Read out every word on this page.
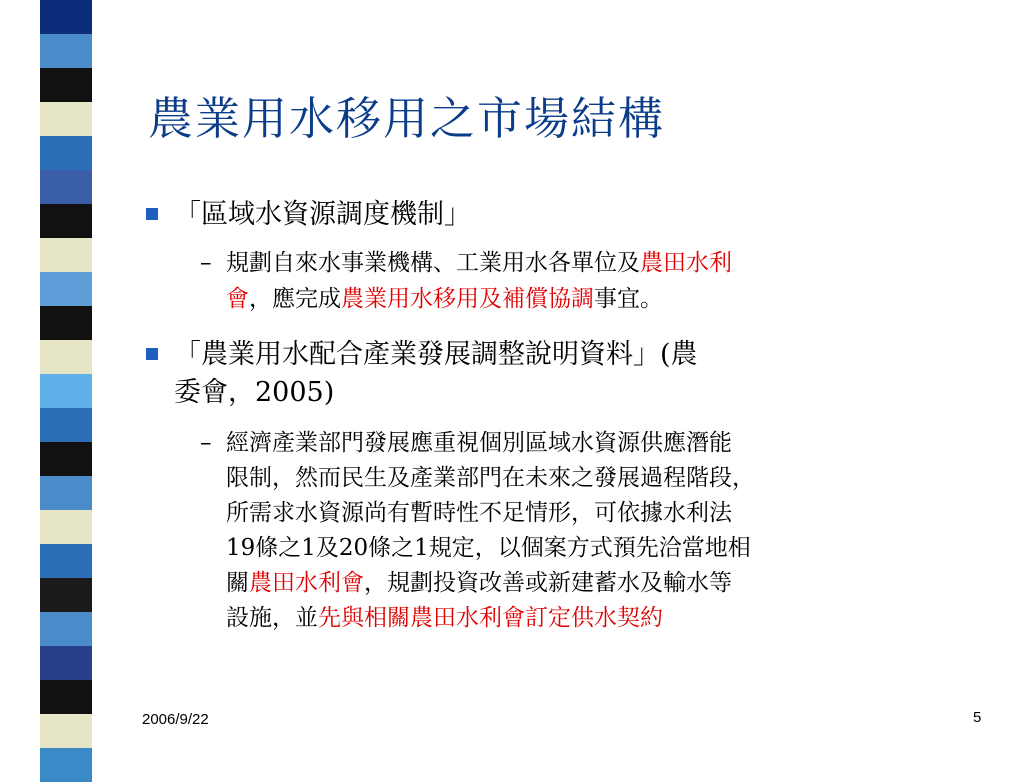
農業用水移用之市場結構
「區域水資源調度機制」
– 規劃自來水事業機構、工業用水各單位及農田水利
會，應完成農業用水移用及補償協調事宜。
「農業用水配合產業發展調整說明資料」(農
委會，2005)
– 經濟產業部門發展應重視個別區域水資源供應潛能
限制，然而民生及產業部門在未來之發展過程階段，
所需求水資源尚有暫時性不足情形，可依據水利法
19條之1及20條之1規定，以個案方式預先洽當地相
關農田水利會，規劃投資改善或新建蓄水及輸水等
設施，並先與相關農田水利會訂定供水契約
2006/9/22	5
